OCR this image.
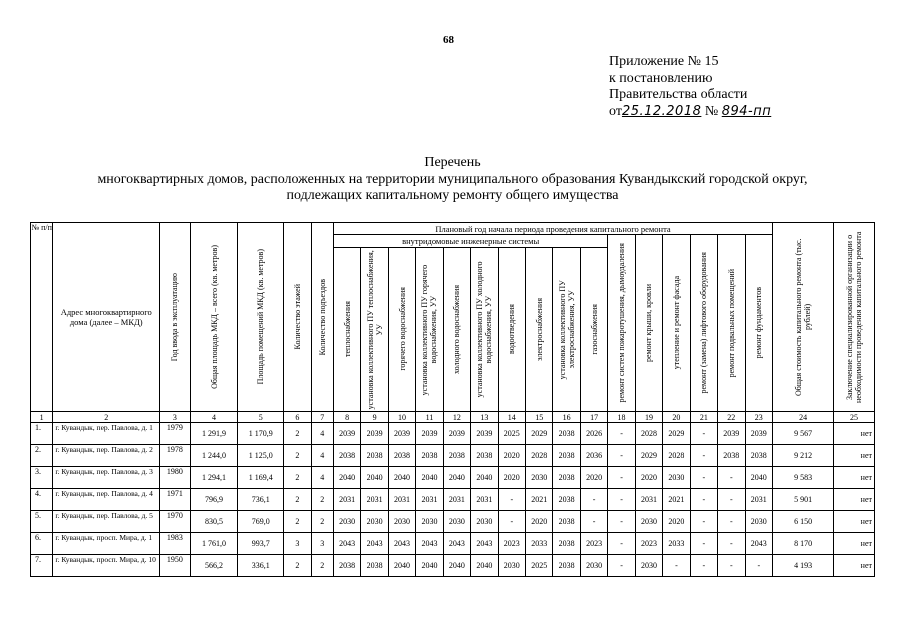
68
Приложение № 15
к постановлению
Правительства области
от25.12.2018 № 894-пп
Перечень
многоквартирных домов, расположенных на территории муниципального образования Кувандыкский городской округ,
подлежащих капитальному ремонту общего имущества
№ п/п	Адрес многоквартирного дома (далее – МКД)	Год ввода в эксплуатацию	Общая площадь МКД – всего (кв. метров)	Площадь помещений МКД (кв. метров)	Количество этажей	Количество подъездов	Плановый год начала периода проведения капитального ремонта																Общая стоимость капитального ремонта (тыс. рублей)	Заключение специализированной организации о необходимости проведения капитального ремонта

							внутридомовые инженерные системы										ремонт систем пожаротушения, дымоудаления	ремонт крыши, кровли	утепление и ремонт фасада	ремонт (замена) лифтового оборудования	ремонт подвальных помещений	ремонт фундаментов		

							теплоснабжения	установка коллективного ПУ теплоснабжения, УУ	горячего водоснабжения	установка коллективного ПУ горячего водоснабжения, УУ	холодного водоснабжения	установка коллективного ПУ холодного водоснабжения, УУ	водоотведения	электроснабжения	установка коллективного ПУ электроснабжения, УУ	газоснабжения								

1	2	3	4	5	6	7	8	9	10	11	12	13	14	15	16	17	18	19	20	21	22	23	24	25
1.	г. Кувандык, пер. Павлова, д. 1	1979	1 291,9	1 170,9	2	4	2039	2039	2039	2039	2039	2039	2025	2029	2038	2026	-	2028	2029	-	2039	2039	9 567	нет
2.	г. Кувандык, пер. Павлова, д. 2	1978	1 244,0	1 125,0	2	4	2038	2038	2038	2038	2038	2038	2020	2028	2038	2036	-	2029	2028	-	2038	2038	9 212	нет
3.	г. Кувандык, пер. Павлова, д. 3	1980	1 294,1	1 169,4	2	4	2040	2040	2040	2040	2040	2040	2020	2030	2038	2020	-	2020	2030	-	-	2040	9 583	нет
4.	г. Кувандык, пер. Павлова, д. 4	1971	796,9	736,1	2	2	2031	2031	2031	2031	2031	2031	-	2021	2038	-	-	2031	2021	-	-	2031	5 901	нет
5.	г. Кувандык, пер. Павлова, д. 5	1970	830,5	769,0	2	2	2030	2030	2030	2030	2030	2030	-	2020	2038	-	-	2030	2020	-	-	2030	6 150	нет
6.	г. Кувандык, просп. Мира, д. 1	1983	1 761,0	993,7	3	3	2043	2043	2043	2043	2043	2043	2023	2033	2038	2023	-	2023	2033	-	-	2043	8 170	нет
7.	г. Кувандык, просп. Мира, д. 10	1950	566,2	336,1	2	2	2038	2038	2040	2040	2040	2040	2030	2025	2038	2030	-	2030	-	-	-	-	4 193	нет
